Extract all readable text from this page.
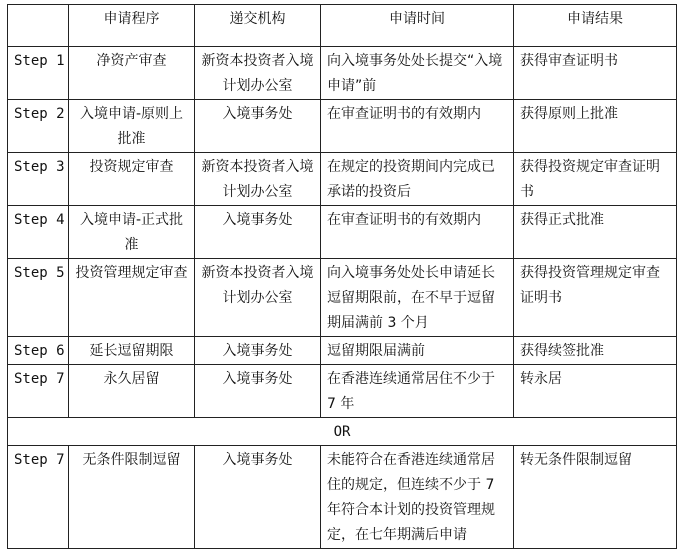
	申请程序	递交机构	申请时间	申请结果
Step 1	净资产审查	新资本投资者入境计划办公室	向入境事务处处长提交“入境申请”前	获得审查证明书
Step 2	入境申请-原则上批准	入境事务处	在审查证明书的有效期内	获得原则上批准
Step 3	投资规定审查	新资本投资者入境计划办公室	在规定的投资期间内完成已承诺的投资后	获得投资规定审查证明书
Step 4	入境申请-正式批准	入境事务处	在审查证明书的有效期内	获得正式批准
Step 5	投资管理规定审查	新资本投资者入境计划办公室	向入境事务处处长申请延长逗留期限前，在不早于逗留期届满前 3 个月	获得投资管理规定审查证明书
Step 6	延长逗留期限	入境事务处	逗留期限届满前	获得续签批准
Step 7	永久居留	入境事务处	在香港连续通常居住不少于 7 年	转永居
OR				
Step 7	无条件限制逗留	入境事务处	未能符合在香港连续通常居住的规定，但连续不少于 7 年符合本计划的投资管理规定，在七年期满后申请	转无条件限制逗留
